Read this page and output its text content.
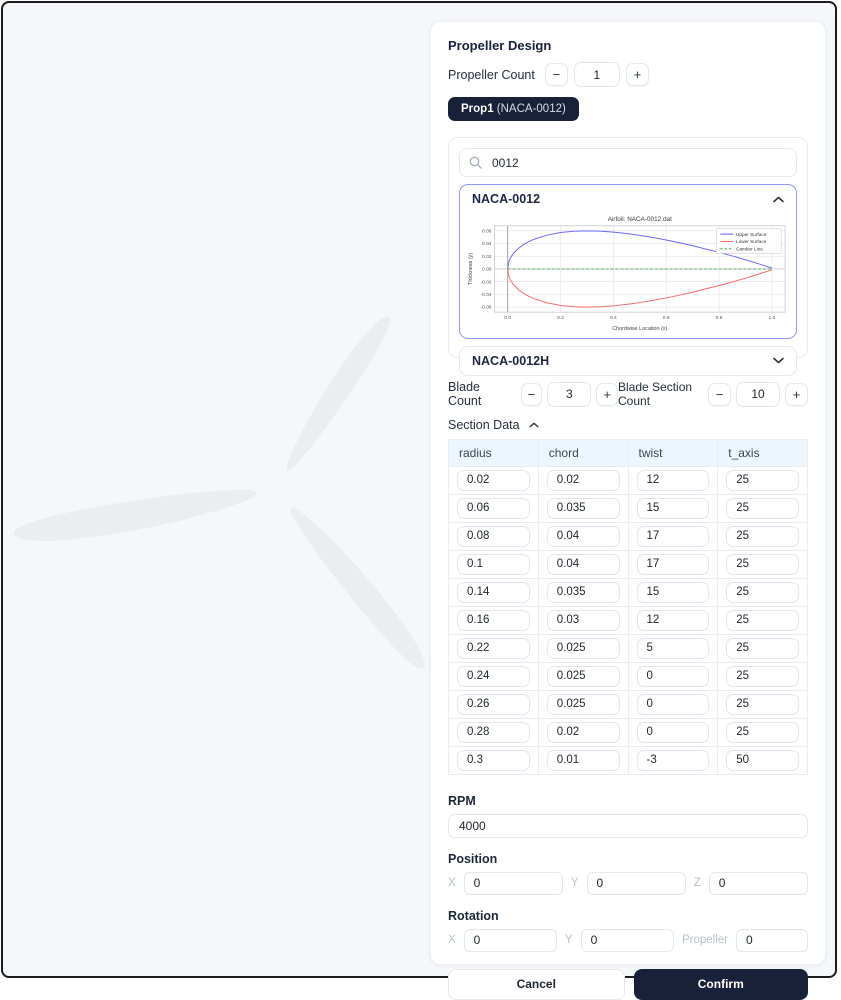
Propeller Design
Propeller Count	−
1	+
Prop1 (NACA-0012)
0012
NACA-0012
Airfoil: NACA-0012.dat
Chordwise Location (x)
Thickness (y)
0.0	0.2	0.4	0.6	0.8	1.0
-0.06
-0.04
-0.02
0.00
0.02
0.04
0.06	Upper Surface
Lower Surface
Camber Line
NACA-0012H
Blade Count	−
3	+ Blade Section Count	−
10	+
Section Data
radius	chord	twist	t_axis

0.02	
0.02	
12	
25

0.06	
0.035	
15	
25

0.08	
0.04	
17	
25

0.1	
0.04	
17	
25

0.14	
0.035	
15	
25

0.16	
0.03	
12	
25

0.22	
0.025	
5	
25

0.24	
0.025	
0	
25

0.26	
0.025	
0	
25

0.28	
0.02	
0	
25

0.3	
0.01	
-3	
50
RPM
4000
Position
X
0	Y
0	Z
0
Rotation
X
0	Y
0	Propeller
0
Cancel	Confirm
